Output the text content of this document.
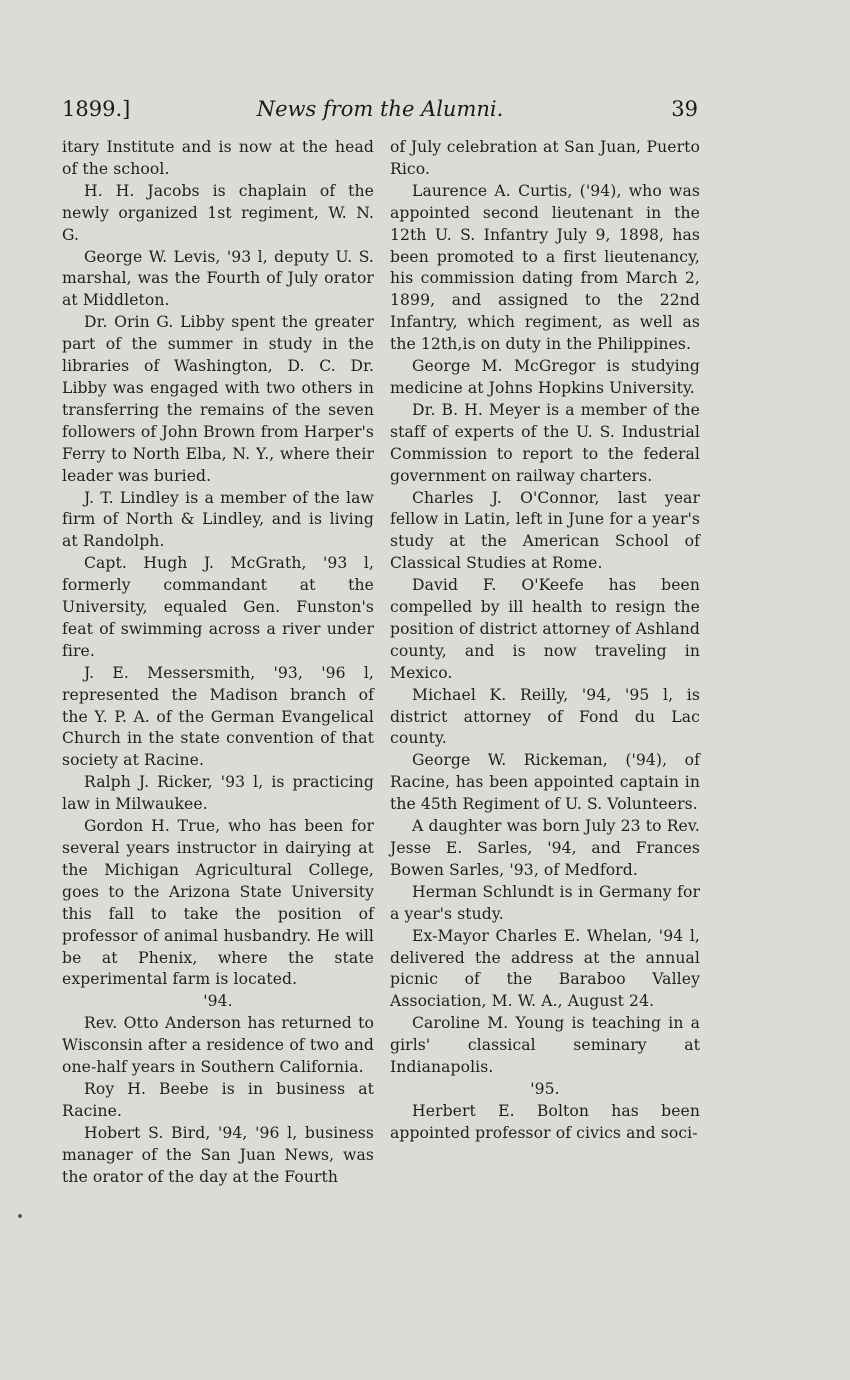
1899.]	News from the Alumni.	39

itary Institute and is now at the head of the school.

H. H. Jacobs is chaplain of the newly organized 1st regiment, W. N. G.

George W. Levis, '93 l, deputy U. S. marshal, was the Fourth of July orator at Middleton.

Dr. Orin G. Libby spent the greater part of the summer in study in the libraries of Washington, D. C. Dr. Libby was engaged with two others in transferring the remains of the seven followers of John Brown from Harper's Ferry to North Elba, N. Y., where their leader was buried.

J. T. Lindley is a member of the law firm of North & Lindley, and is living at Randolph.

Capt. Hugh J. McGrath, '93 l, formerly commandant at the University, equaled Gen. Funston's feat of swimming across a river under fire.

J. E. Messersmith, '93, '96 l, represented the Madison branch of the Y. P. A. of the German Evangelical Church in the state convention of that society at Racine.

Ralph J. Ricker, '93 l, is practicing law in Milwaukee.

Gordon H. True, who has been for several years instructor in dairying at the Michigan Agricultural College, goes to the Arizona State University this fall to take the position of professor of animal husbandry. He will be at Phenix, where the state experimental farm is located.

'94.

Rev. Otto Anderson has returned to Wisconsin after a residence of two and one-half years in Southern California.

Roy H. Beebe is in business at Racine.

Hobert S. Bird, '94, '96 l, business manager of the San Juan News, was the orator of the day at the Fourth

of July celebration at San Juan, Puerto Rico.

Laurence A. Curtis, ('94), who was appointed second lieutenant in the 12th U. S. Infantry July 9, 1898, has been promoted to a first lieutenancy, his commission dating from March 2, 1899, and assigned to the 22nd Infantry, which regiment, as well as the 12th,is on duty in the Philippines.

George M. McGregor is studying medicine at Johns Hopkins University.

Dr. B. H. Meyer is a member of the staff of experts of the U. S. Industrial Commission to report to the federal government on railway charters.

Charles J. O'Connor, last year fellow in Latin, left in June for a year's study at the American School of Classical Studies at Rome.

David F. O'Keefe has been compelled by ill health to resign the position of district attorney of Ashland county, and is now traveling in Mexico.

Michael K. Reilly, '94, '95 l, is district attorney of Fond du Lac county.

George W. Rickeman, ('94), of Racine, has been appointed captain in the 45th Regiment of U. S. Volunteers.

A daughter was born July 23 to Rev. Jesse E. Sarles, '94, and Frances Bowen Sarles, '93, of Medford.

Herman Schlundt is in Germany for a year's study.

Ex-Mayor Charles E. Whelan, '94 l, delivered the address at the annual picnic of the Baraboo Valley Association, M. W. A., August 24.

Caroline M. Young is teaching in a girls' classical seminary at Indianapolis.

'95.

Herbert E. Bolton has been appointed professor of civics and soci-
